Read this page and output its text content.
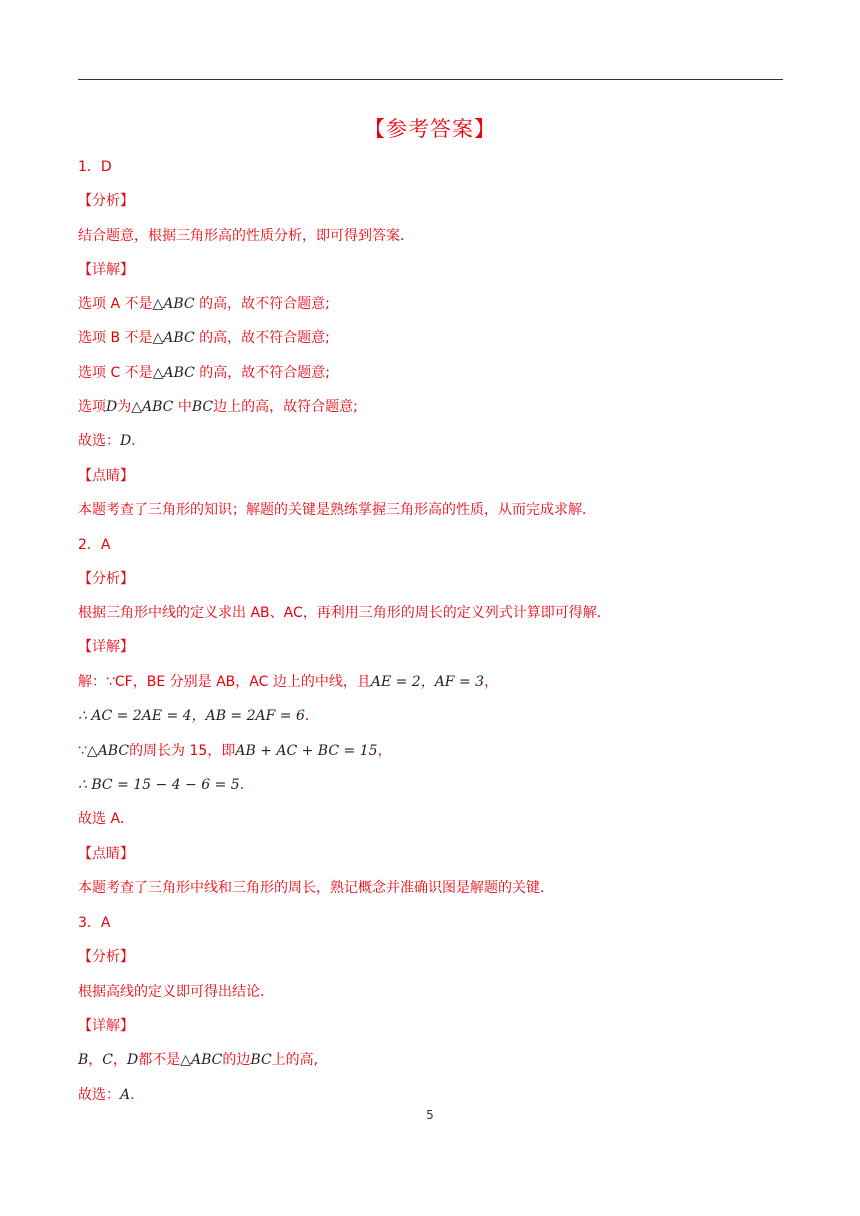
【参考答案】
1．D
【分析】
结合题意，根据三角形高的性质分析，即可得到答案．
【详解】
选项 A 不是△ABC 的高，故不符合题意;
选项 B 不是△ABC 的高，故不符合题意;
选项 C 不是△ABC 的高，故不符合题意;
选项D为△ABC 中BC边上的高，故符合题意;
故选：D．
【点睛】
本题考查了三角形的知识；解题的关键是熟练掌握三角形高的性质，从而完成求解．
2．A
【分析】
根据三角形中线的定义求出 AB、AC，再利用三角形的周长的定义列式计算即可得解．
【详解】
解：∵CF，BE 分别是 AB，AC 边上的中线，且AE = 2，AF = 3，
∴ AC = 2AE = 4，AB = 2AF = 6．
∵△ABC的周长为 15，即AB + AC + BC = 15，
∴ BC = 15 − 4 − 6 = 5．
故选 A．
【点睛】
本题考查了三角形中线和三角形的周长，熟记概念并准确识图是解题的关键．
3．A
【分析】
根据高线的定义即可得出结论．
【详解】
B，C，D都不是△ABC的边BC上的高,
故选：A．
5
